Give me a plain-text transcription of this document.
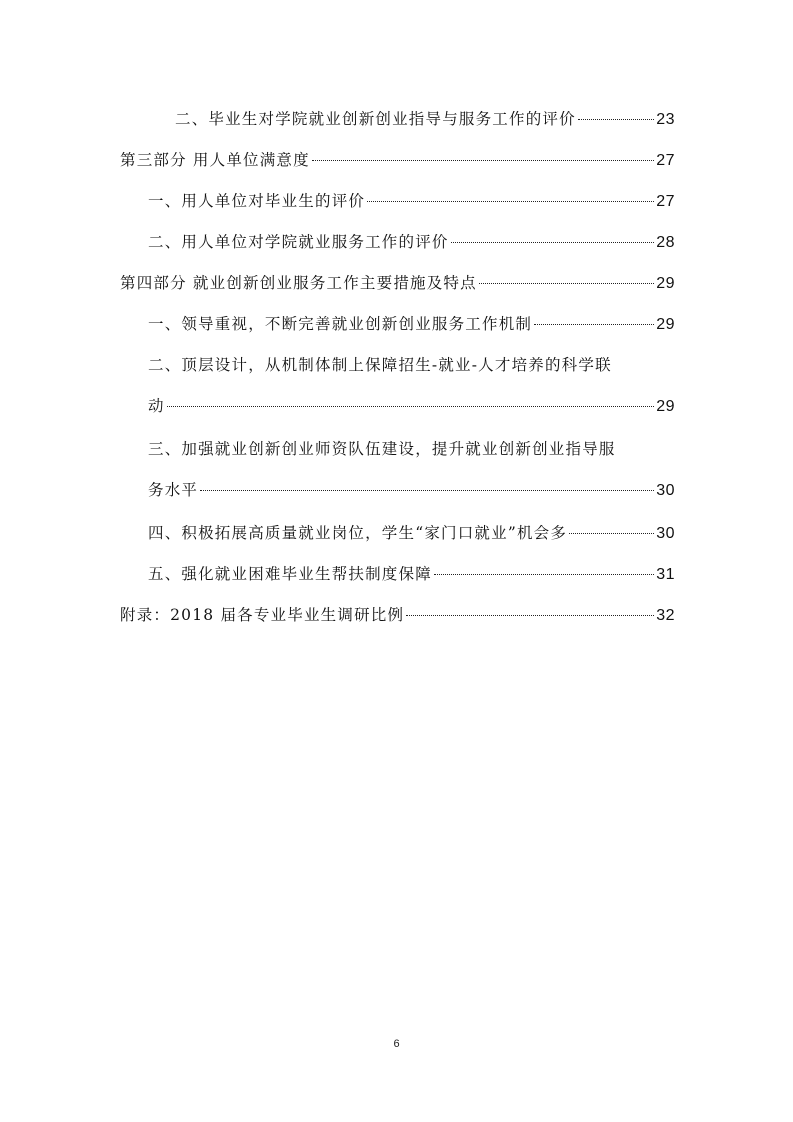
二、毕业生对学院就业创新创业指导与服务工作的评价	23
第三部分 用人单位满意度	27
一、用人单位对毕业生的评价	27
二、用人单位对学院就业服务工作的评价	28
第四部分 就业创新创业服务工作主要措施及特点	29
一、领导重视，不断完善就业创新创业服务工作机制	29
二、顶层设计，从机制体制上保障招生-就业-人才培养的科学联
动	29
三、加强就业创新创业师资队伍建设，提升就业创新创业指导服
务水平	30
四、积极拓展高质量就业岗位，学生“家门口就业”机会多	30
五、强化就业困难毕业生帮扶制度保障	31
附录：2018 届各专业毕业生调研比例	32
6
